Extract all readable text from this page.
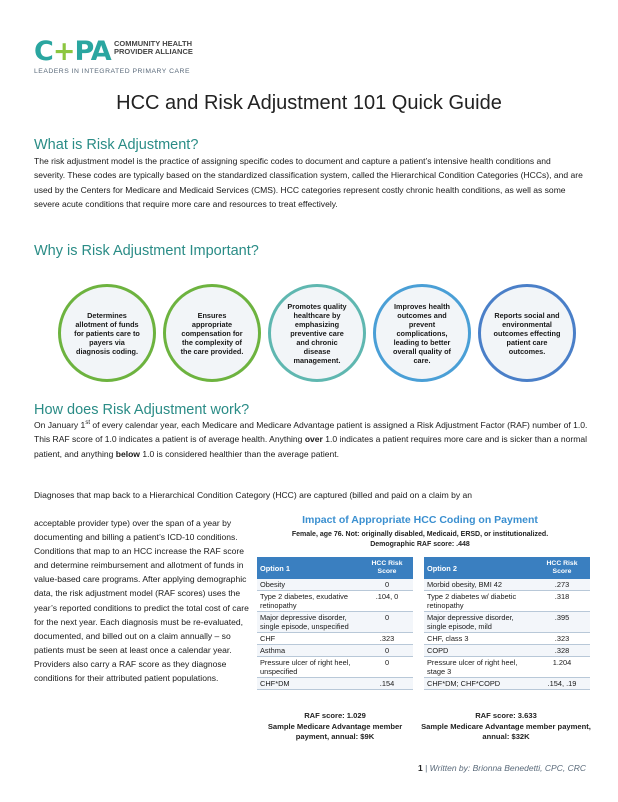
C+PA COMMUNITY HEALTH PROVIDER ALLIANCE
LEADERS IN INTEGRATED PRIMARY CARE
HCC and Risk Adjustment 101 Quick Guide
What is Risk Adjustment?
The risk adjustment model is the practice of assigning specific codes to document and capture a patient’s intensive health conditions and severity. These codes are typically based on the standardized classification system, called the Hierarchical Condition Categories (HCCs), and are used by the Centers for Medicare and Medicaid Services (CMS). HCC categories represent costly chronic health conditions, as well as some severe acute conditions that require more care and resources to treat effectively.
Why is Risk Adjustment Important?
Determines allotment of funds for patients care to payers via diagnosis coding.
Ensures appropriate compensation for the complexity of the care provided.
Promotes quality healthcare by emphasizing preventive care and chronic disease management.
Improves health outcomes and prevent complications, leading to better overall quality of care.
Reports social and environmental outcomes effecting patient care outcomes.
How does Risk Adjustment work?
On January 1st of every calendar year, each Medicare and Medicare Advantage patient is assigned a Risk Adjustment Factor (RAF) number of 1.0. This RAF score of 1.0 indicates a patient is of average health. Anything over 1.0 indicates a patient requires more care and is sicker than a normal patient, and anything below 1.0 is considered healthier than the average patient.
Diagnoses that map back to a Hierarchical Condition Category (HCC) are captured (billed and paid on a claim by an
acceptable provider type) over the span of a year by documenting and billing a patient’s ICD-10 conditions. Conditions that map to an HCC increase the RAF score and determine reimbursement and allotment of funds in value-based care programs. After applying demographic data, the risk adjustment model (RAF scores) uses the year’s reported conditions to predict the total cost of care for the next year. Each diagnosis must be re-evaluated, documented, and billed out on a claim annually – so patients must be seen at least once a calendar year. Providers also carry a RAF score as they diagnose conditions for their attributed patient populations.
Impact of Appropriate HCC Coding on Payment
Female, age 76. Not: originally disabled, Medicaid, ERSD, or institutionalized.
Demographic RAF score: .448
Option 1	HCC Risk Score
Obesity	0
Type 2 diabetes, exudative retinopathy	.104, 0
Major depressive disorder, single episode, unspecified	0
CHF	.323
Asthma	0
Pressure ulcer of right heel, unspecified	0
CHF*DM	.154
Option 2	HCC Risk Score
Morbid obesity, BMI 42	.273
Type 2 diabetes w/ diabetic retinopathy	.318
Major depressive disorder, single episode, mild	.395
CHF, class 3	.323
COPD	.328
Pressure ulcer of right heel, stage 3	1.204
CHF*DM; CHF*COPD	.154, .19
RAF score: 1.029
Sample Medicare Advantage member payment, annual: $9K
RAF score: 3.633
Sample Medicare Advantage member payment, annual: $32K
1 | Written by: Brionna Benedetti, CPC, CRC
